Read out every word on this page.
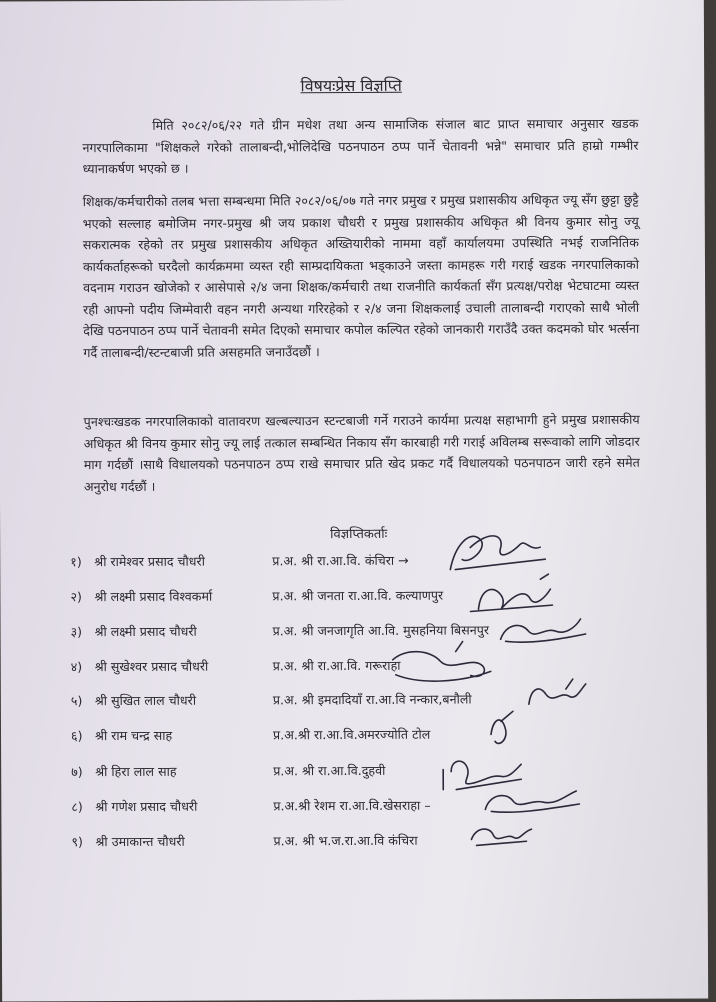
विषयःप्रेस विज्ञप्ति
मिति २०८२/०६/२२ गते ग्रीन मधेश तथा अन्य सामाजिक संजाल बाट प्राप्त समाचार अनुसार खडक नगरपालिकामा "शिक्षकले गरेको तालाबन्दी,भोलिदेखि पठनपाठन ठप्प पार्ने चेतावनी भन्ने" समाचार प्रति हाम्रो गम्भीर ध्यानाकर्षण भएको छ ।
शिक्षक/कर्मचारीको तलब भत्ता सम्बन्धमा मिति २०८२/०६/०७ गते नगर प्रमुख र प्रमुख प्रशासकीय अधिकृत ज्यू सँग छुट्टा छुट्टै भएको सल्लाह बमोजिम नगर-प्रमुख श्री जय प्रकाश चौधरी र प्रमुख प्रशासकीय अधिकृत श्री विनय कुमार सोनु ज्यू सकरात्मक रहेको तर प्रमुख प्रशासकीय अधिकृत अख्तियारीको नाममा वहाँ कार्यालयमा उपस्थिति नभई राजनितिक कार्यकर्ताहरूको घरदैलो कार्यक्रममा व्यस्त रही साम्प्रदायिकता भड्काउने जस्ता कामहरू गरी गराई खडक नगरपालिकाको वदनाम गराउन खोजेको र आसेपासे २/४ जना शिक्षक/कर्मचारी तथा राजनीति कार्यकर्ता सँग प्रत्यक्ष/परोक्ष भेटघाटमा व्यस्त रही आफ्नो पदीय जिम्मेवारी वहन नगरी अन्यथा गरिरहेको र २/४ जना शिक्षकलाई उचाली तालाबन्दी गराएको साथै भोली देखि पठनपाठन ठप्प पार्ने चेतावनी समेत दिएको समाचार कपोल कल्पित रहेको जानकारी गराउँदै उक्त कदमको घोर भर्त्सना गर्दै तालाबन्दी/स्टन्टबाजी प्रति असहमति जनाउँदछौं ।
पुनश्चःखडक नगरपालिकाको वातावरण खल्बल्याउन स्टन्टबाजी गर्ने गराउने कार्यमा प्रत्यक्ष सहाभागी हुने प्रमुख प्रशासकीय अधिकृत श्री विनय कुमार सोनु ज्यू लाई तत्काल सम्बन्धित निकाय सँग कारबाही गरी गराई अविलम्ब सरूवाको लागि जोडदार माग गर्दछौं ।साथै विधालयको पठनपाठन ठप्प राखे समाचार प्रति खेद प्रकट गर्दै विधालयको पठनपाठन जारी रहने समेत अनुरोध गर्दछौं ।
विज्ञप्तिकर्ताः
१) श्री रामेश्वर प्रसाद चौधरी	प्र.अ. श्री रा.आ.वि. कंचिरा →
२) श्री लक्ष्मी प्रसाद विश्वकर्मा	प्र.अ. श्री जनता रा.आ.वि. कल्याणपुर
३) श्री लक्ष्मी प्रसाद चौधरी	प्र.अ. श्री जनजागृति आ.वि. मुसहनिया बिसनपुर
४) श्री सुखेश्वर प्रसाद चौधरी	प्र.अ. श्री रा.आ.वि. गरूराहा
५) श्री सुखित लाल चौधरी	प्र.अ. श्री इमदादियाँ रा.आ.वि नन्कार,बनौली
६) श्री राम चन्द्र साह	प्र.अ.श्री रा.आ.वि.अमरज्योति टोल
७) श्री हिरा लाल साह	प्र.अ. श्री रा.आ.वि.दुहवी
८) श्री गणेश प्रसाद चौधरी	प्र.अ.श्री रेशम रा.आ.वि.खेसराहा –
९) श्री उमाकान्त चौधरी	प्र.अ. श्री भ.ज.रा.आ.वि कंचिरा
